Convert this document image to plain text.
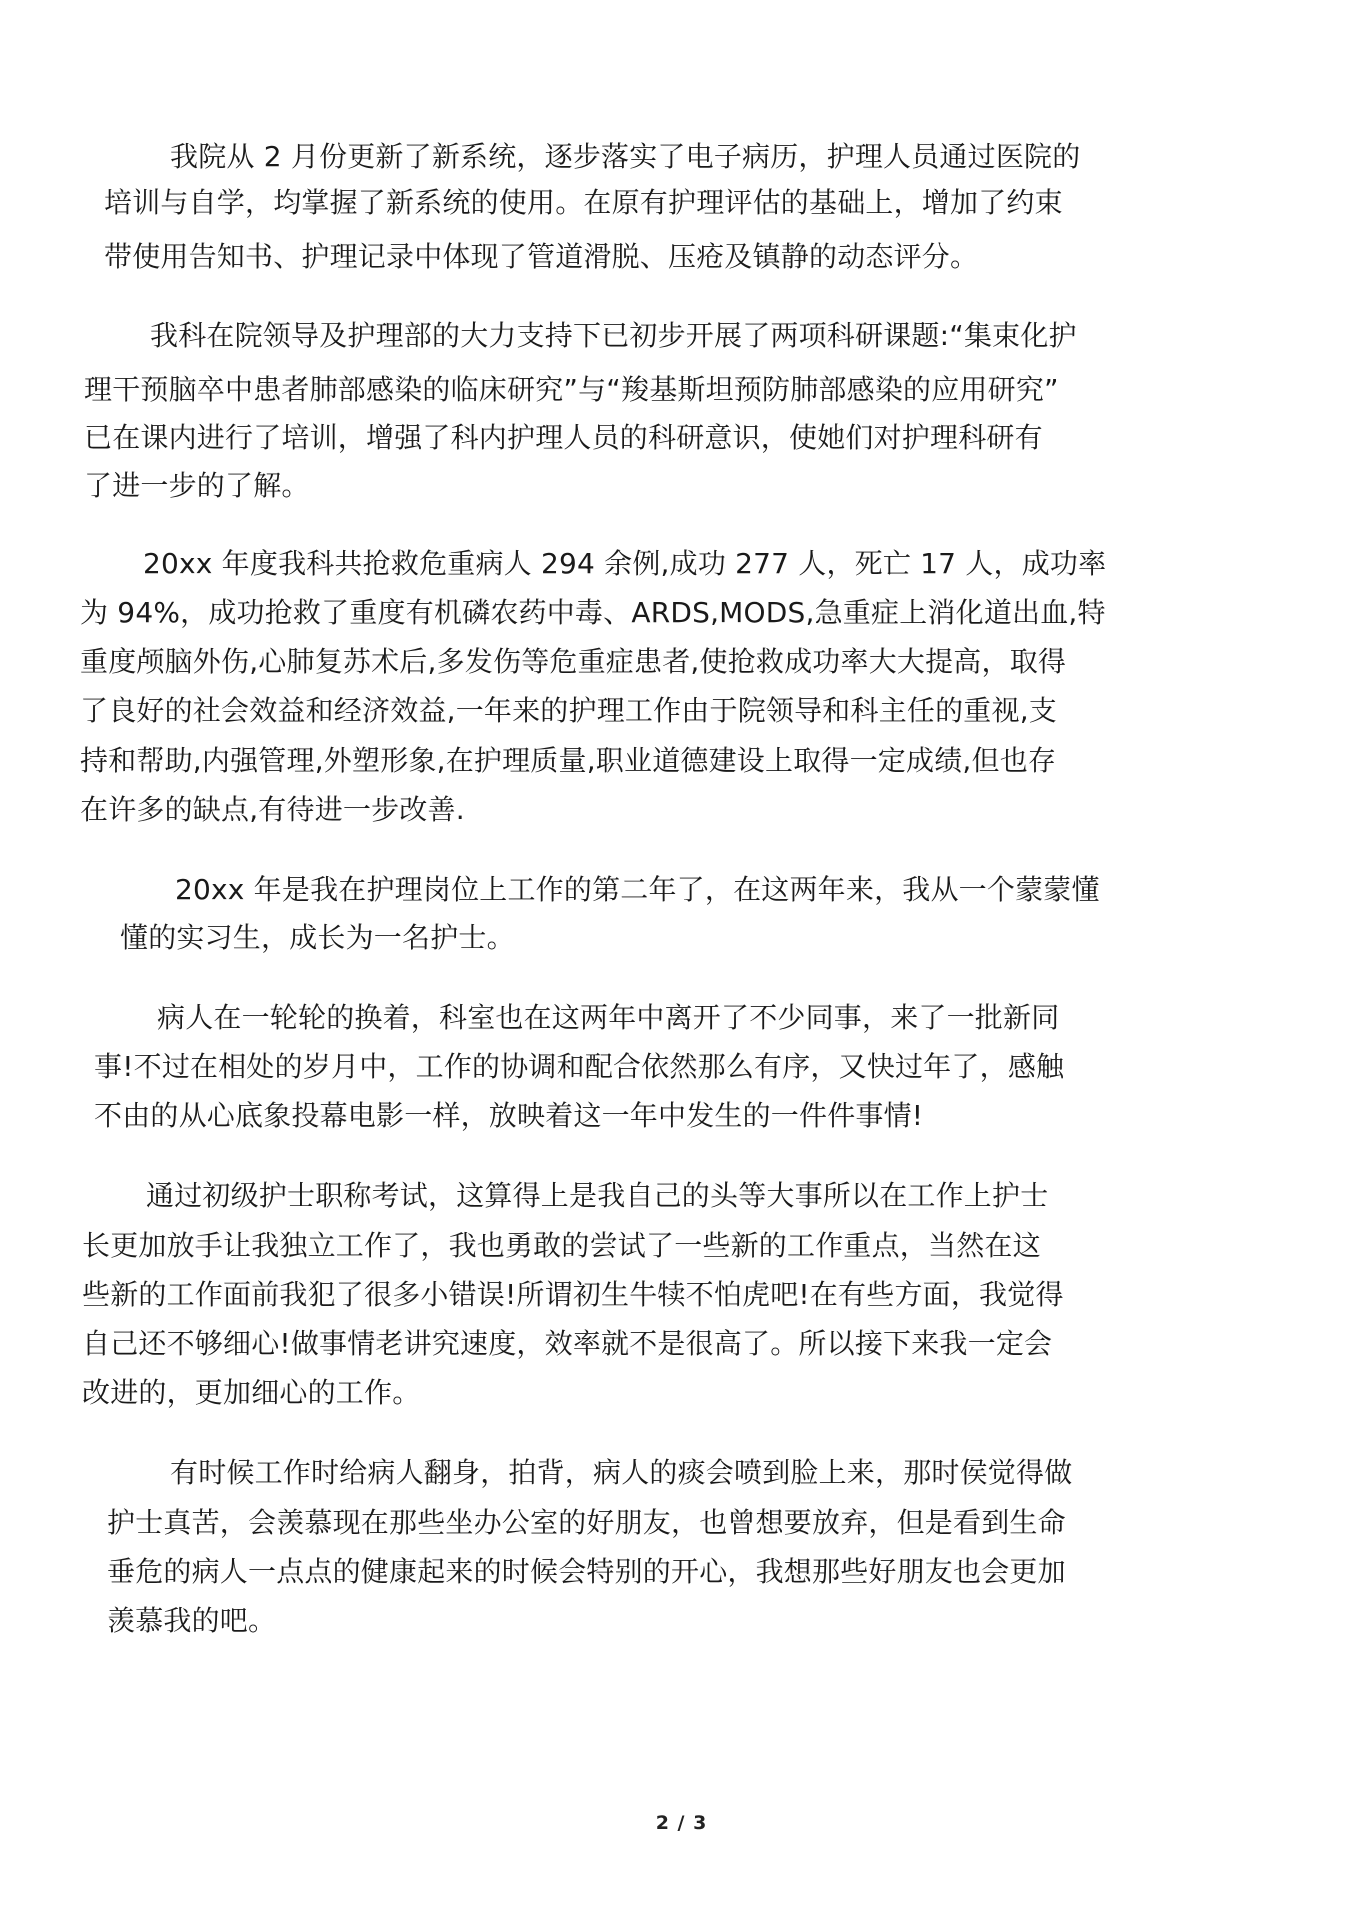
我院从 2 月份更新了新系统，逐步落实了电子病历，护理人员通过医院的

培训与自学，均掌握了新系统的使用。在原有护理评估的基础上，增加了约束

带使用告知书、护理记录中体现了管道滑脱、压疮及镇静的动态评分。

我科在院领导及护理部的大力支持下已初步开展了两项科研课题:“集束化护

理干预脑卒中患者肺部感染的临床研究”与“羧基斯坦预防肺部感染的应用研究”

已在课内进行了培训，增强了科内护理人员的科研意识，使她们对护理科研有

了进一步的了解。

20xx 年度我科共抢救危重病人 294 余例,成功 277 人，死亡 17 人，成功率

为 94%，成功抢救了重度有机磷农药中毒、ARDS,MODS,急重症上消化道出血,特

重度颅脑外伤,心肺复苏术后,多发伤等危重症患者,使抢救成功率大大提高，取得

了良好的社会效益和经济效益,一年来的护理工作由于院领导和科主任的重视,支

持和帮助,内强管理,外塑形象,在护理质量,职业道德建设上取得一定成绩,但也存

在许多的缺点,有待进一步改善.

20xx 年是我在护理岗位上工作的第二年了，在这两年来，我从一个蒙蒙懂

懂的实习生，成长为一名护士。

病人在一轮轮的换着，科室也在这两年中离开了不少同事，来了一批新同

事!不过在相处的岁月中，工作的协调和配合依然那么有序，又快过年了，感触

不由的从心底象投幕电影一样，放映着这一年中发生的一件件事情!

通过初级护士职称考试，这算得上是我自己的头等大事所以在工作上护士

长更加放手让我独立工作了，我也勇敢的尝试了一些新的工作重点，当然在这

些新的工作面前我犯了很多小错误!所谓初生牛犊不怕虎吧!在有些方面，我觉得

自己还不够细心!做事情老讲究速度，效率就不是很高了。所以接下来我一定会

改进的，更加细心的工作。

有时候工作时给病人翻身，拍背，病人的痰会喷到脸上来，那时侯觉得做

护士真苦，会羡慕现在那些坐办公室的好朋友，也曾想要放弃，但是看到生命

垂危的病人一点点的健康起来的时候会特别的开心，我想那些好朋友也会更加

羡慕我的吧。

2 / 3
